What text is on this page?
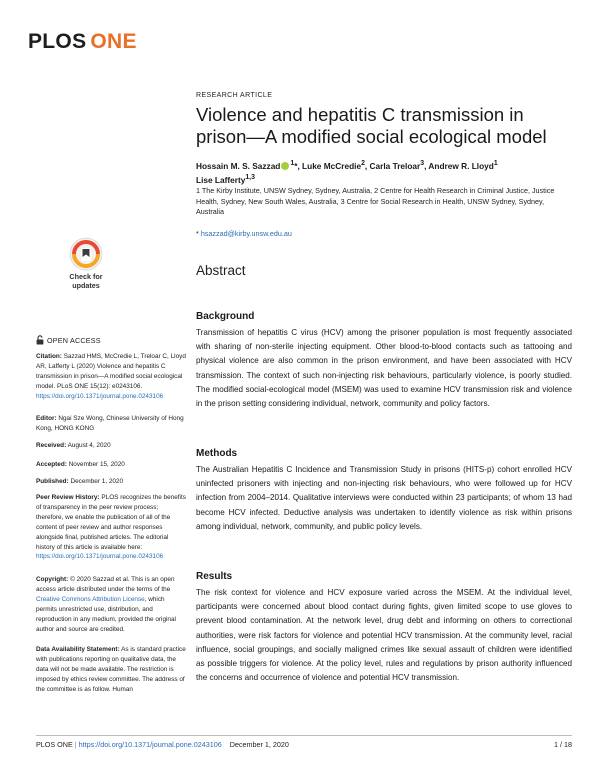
PLOS ONE
RESEARCH ARTICLE
Violence and hepatitis C transmission in prison—A modified social ecological model
Hossain M. S. Sazzad $^1$*, Luke McCredie$^2$, Carla Treloar$^3$, Andrew R. Lloyd$^1$
Lise Lafferty$^{1,3}$
1 The Kirby Institute, UNSW Sydney, Sydney, Australia, 2 Centre for Health Research in Criminal Justice, Justice Health, Sydney, New South Wales, Australia, 3 Centre for Social Research in Health, UNSW Sydney, Sydney, Australia
* hsazzad@kirby.unsw.edu.au
Check for
updates
OPEN ACCESS
Citation: Sazzad HMS, McCredie L, Treloar C, Lloyd AR, Lafferty L (2020) Violence and hepatitis C transmission in prison—A modified social ecological model. PLoS ONE 15(12): e0243106.
https://doi.org/10.1371/journal.pone.0243106
Editor: Ngai Sze Wong, Chinese University of Hong Kong, HONG KONG
Received: August 4, 2020
Accepted: November 15, 2020
Published: December 1, 2020
Peer Review History: PLOS recognizes the benefits of transparency in the peer review process; therefore, we enable the publication of all of the content of peer review and author responses alongside final, published articles. The editorial history of this article is available here: https://doi.org/10.1371/journal.pone.0243106
Copyright: © 2020 Sazzad et al. This is an open access article distributed under the terms of the Creative Commons Attribution License, which permits unrestricted use, distribution, and reproduction in any medium, provided the original author and source are credited.
Data Availability Statement: As is standard practice with publications reporting on qualitative data, the data will not be made available. The restriction is imposed by ethics review committee. The address of the committee is as follow. Human
Abstract
Background
Transmission of hepatitis C virus (HCV) among the prisoner population is most frequently associated with sharing of non-sterile injecting equipment. Other blood-to-blood contacts such as tattooing and physical violence are also common in the prison environment, and have been associated with HCV transmission. The context of such non-injecting risk behaviours, particularly violence, is poorly studied. The modified social-ecological model (MSEM) was used to examine HCV transmission risk and violence in the prison setting considering individual, network, community and policy factors.
Methods
The Australian Hepatitis C Incidence and Transmission Study in prisons (HITS-p) cohort enrolled HCV uninfected prisoners with injecting and non-injecting risk behaviours, who were followed up for HCV infection from 2004–2014. Qualitative interviews were conducted within 23 participants; of whom 13 had become HCV infected. Deductive analysis was undertaken to identify violence as risk within prisons among individual, network, community, and public policy levels.
Results
The risk context for violence and HCV exposure varied across the MSEM. At the individual level, participants were concerned about blood contact during fights, given limited scope to use gloves to prevent blood contamination. At the network level, drug debt and informing on others to correctional authorities, were risk factors for violence and potential HCV transmission. At the community level, racial influence, social groupings, and socially maligned crimes like sexual assault of children were identified as possible triggers for violence. At the policy level, rules and regulations by prison authority influenced the concerns and occurrence of violence and potential HCV transmission.
PLOS ONE | https://doi.org/10.1371/journal.pone.0243106 December 1, 2020	1 / 18
